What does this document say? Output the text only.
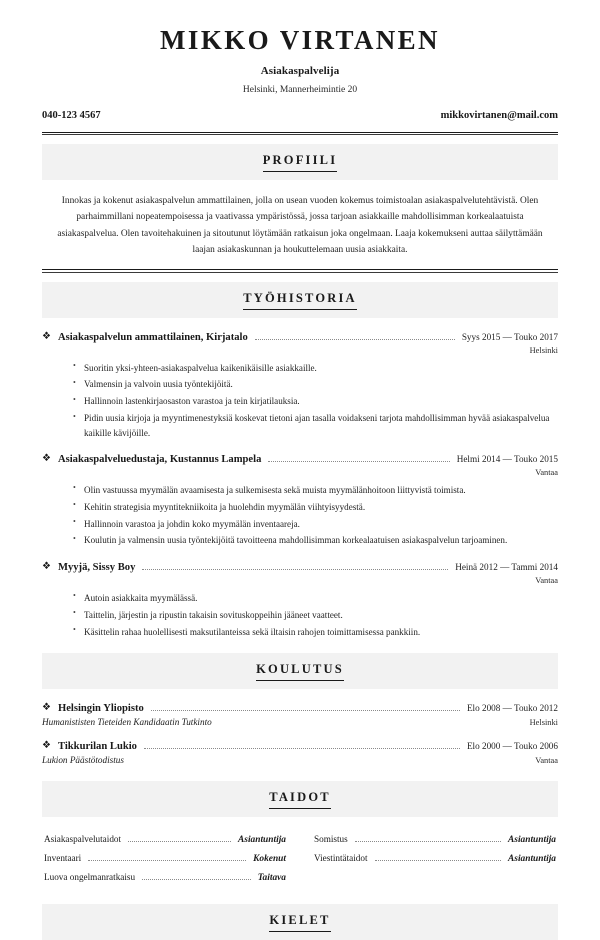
MIKKO VIRTANEN
Asiakaspalvelija
Helsinki, Mannerheimintie 20
040-123 4567	mikkovirtanen@mail.com
PROFIILI
Innokas ja kokenut asiakaspalvelun ammattilainen, jolla on usean vuoden kokemus toimistoalan asiakaspalvelutehtävistä. Olen parhaimmillani nopeatempoisessa ja vaativassa ympäristössä, jossa tarjoan asiakkaille mahdollisimman korkealaatuista asiakaspalvelua. Olen tavoitehakuinen ja sitoutunut löytämään ratkaisun joka ongelmaan. Laaja kokemukseni auttaa säilyttämään laajan asiakaskunnan ja houkuttelemaan uusia asiakkaita.
TYÖHISTORIA
❖ Asiakaspalvelun ammattilainen, Kirjatalo	Syys 2015 — Touko 2017
Helsinki
• Suoritin yksi-yhteen-asiakaspalvelua kaikenikäisille asiakkaille.
• Valmensin ja valvoin uusia työntekijöitä.
• Hallinnoin lastenkirjaosaston varastoa ja tein kirjatilauksia.
• Pidin uusia kirjoja ja myyntimenestyksiä koskevat tietoni ajan tasalla voidakseni tarjota mahdollisimman hyvää asiakaspalvelua kaikille kävijöille.
❖ Asiakaspalveluedustaja, Kustannus Lampela	Helmi 2014 — Touko 2015
Vantaa
• Olin vastuussa myymälän avaamisesta ja sulkemisesta sekä muista myymälänhoitoon liittyvistä toimista.
• Kehitin strategisia myyntitekniikoita ja huolehdin myymälän viihtyisyydestä.
• Hallinnoin varastoa ja johdin koko myymälän inventaareja.
• Koulutin ja valmensin uusia työntekijöitä tavoitteena mahdollisimman korkealaatuisen asiakaspalvelun tarjoaminen.
❖ Myyjä, Sissy Boy	Heinä 2012 — Tammi 2014
Vantaa
• Autoin asiakkaita myymälässä.
• Taittelin, järjestin ja ripustin takaisin sovituskoppeihin jääneet vaatteet.
• Käsittelin rahaa huolellisesti maksutilanteissa sekä iltaisin rahojen toimittamisessa pankkiin.
KOULUTUS
❖ Helsingin Yliopisto	Elo 2008 — Touko 2012
Humanististen Tieteiden Kandidaatin Tutkinto	Helsinki
❖ Tikkurilan Lukio	Elo 2000 — Touko 2006
Lukion Päästötodistus	Vantaa
TAIDOT
Asiakaspalvelutaidot	Asiantuntija	Somistus	Asiantuntija
Inventaari	Kokenut	Viestintätaidot	Asiantuntija
Luova ongelmanratkaisu	Taitava
KIELET
